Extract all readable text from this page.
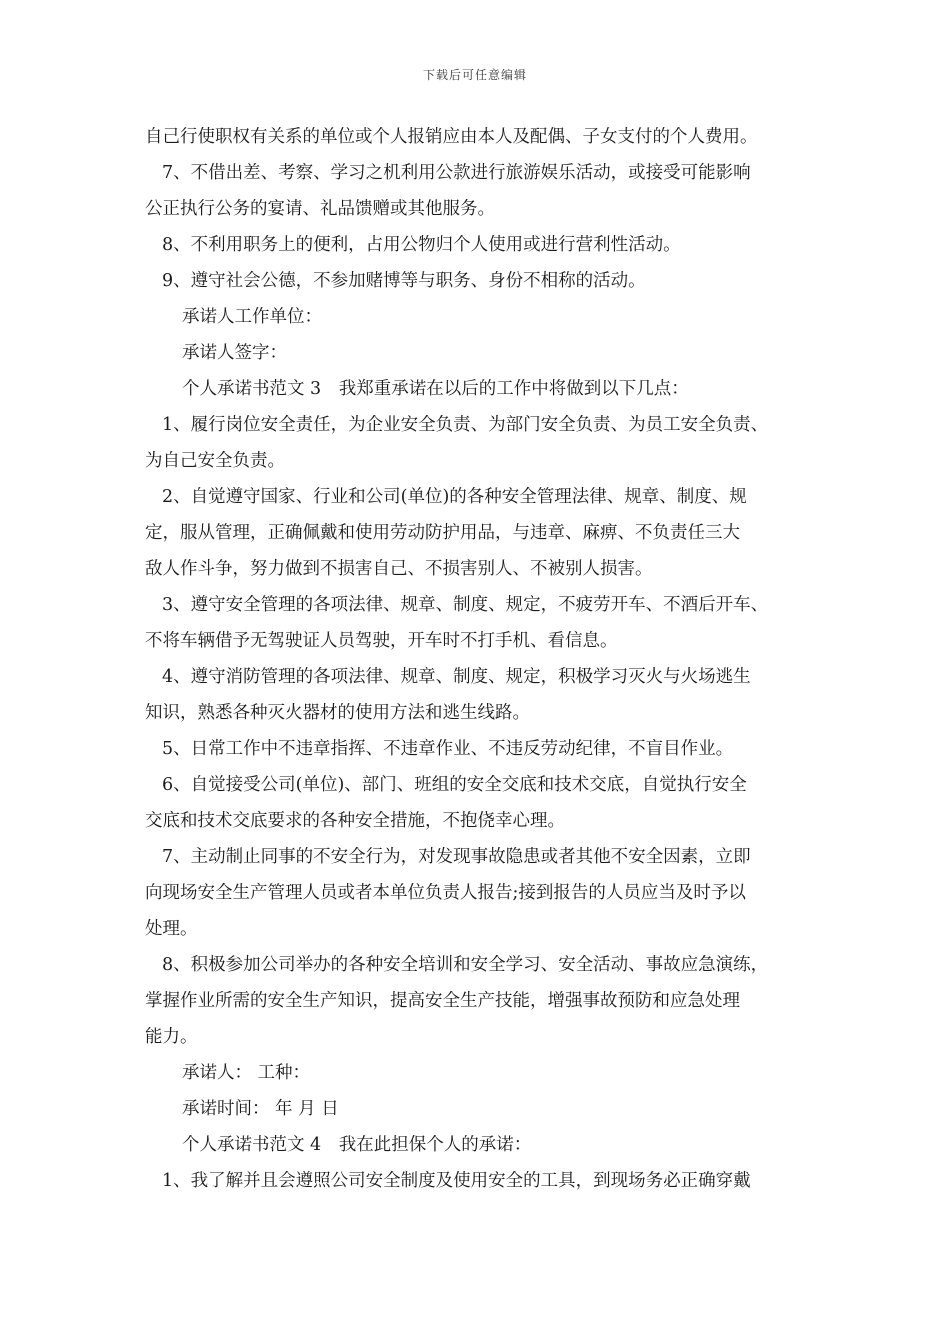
下载后可任意编辑
自己行使职权有关系的单位或个人报销应由本人及配偶、子女支付的个人费用。
7、不借出差、考察、学习之机利用公款进行旅游娱乐活动，或接受可能影响
公正执行公务的宴请、礼品馈赠或其他服务。
8、不利用职务上的便利，占用公物归个人使用或进行营利性活动。
9、遵守社会公德，不参加赌博等与职务、身份不相称的活动。
承诺人工作单位：
承诺人签字：
个人承诺书范文 3　我郑重承诺在以后的工作中将做到以下几点：
1、履行岗位安全责任，为企业安全负责、为部门安全负责、为员工安全负责、
为自己安全负责。
2、自觉遵守国家、行业和公司(单位)的各种安全管理法律、规章、制度、规
定，服从管理，正确佩戴和使用劳动防护用品，与违章、麻痹、不负责任三大
敌人作斗争，努力做到不损害自己、不损害别人、不被别人损害。
3、遵守安全管理的各项法律、规章、制度、规定，不疲劳开车、不酒后开车、
不将车辆借予无驾驶证人员驾驶，开车时不打手机、看信息。
4、遵守消防管理的各项法律、规章、制度、规定，积极学习灭火与火场逃生
知识，熟悉各种灭火器材的使用方法和逃生线路。
5、日常工作中不违章指挥、不违章作业、不违反劳动纪律，不盲目作业。
6、自觉接受公司(单位)、部门、班组的安全交底和技术交底，自觉执行安全
交底和技术交底要求的各种安全措施，不抱侥幸心理。
7、主动制止同事的不安全行为，对发现事故隐患或者其他不安全因素，立即
向现场安全生产管理人员或者本单位负责人报告;接到报告的人员应当及时予以
处理。
8、积极参加公司举办的各种安全培训和安全学习、安全活动、事故应急演练，
掌握作业所需的安全生产知识，提高安全生产技能，增强事故预防和应急处理
能力。
承诺人： 工种：
承诺时间： 年 月 日
个人承诺书范文 4　我在此担保个人的承诺：
1、我了解并且会遵照公司安全制度及使用安全的工具，到现场务必正确穿戴
